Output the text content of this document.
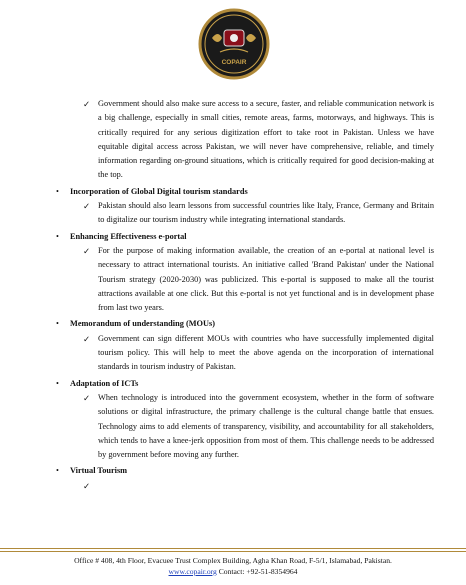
COPAIR
✓ Government should also make sure access to a secure, faster, and reliable communication network is a big challenge, especially in small cities, remote areas, farms, motorways, and highways. This is critically required for any serious digitization effort to take root in Pakistan. Unless we have equitable digital access across Pakistan, we will never have comprehensive, reliable, and timely information regarding on-ground situations, which is critically required for good decision-making at the top.
• Incorporation of Global Digital tourism standards
✓ Pakistan should also learn lessons from successful countries like Italy, France, Germany and Britain to digitalize our tourism industry while integrating international standards.
• Enhancing Effectiveness e-portal
✓ For the purpose of making information available, the creation of an e-portal at national level is necessary to attract international tourists. An initiative called 'Brand Pakistan' under the National Tourism strategy (2020-2030) was publicized. This e-portal is supposed to make all the tourist attractions available at one click. But this e-portal is not yet functional and is in development phase from last two years.
• Memorandum of understanding (MOUs)
✓ Government can sign different MOUs with countries who have successfully implemented digital tourism policy. This will help to meet the above agenda on the incorporation of international standards in tourism industry of Pakistan.
• Adaptation of ICTs
✓ When technology is introduced into the government ecosystem, whether in the form of software solutions or digital infrastructure, the primary challenge is the cultural change battle that ensues. Technology aims to add elements of transparency, visibility, and accountability for all stakeholders, which tends to have a knee-jerk opposition from most of them. This challenge needs to be addressed by government before moving any further.
• Virtual Tourism
✓
Office # 408, 4th Floor, Evacuee Trust Complex Building, Agha Khan Road, F-5/1, Islamabad, Pakistan.
www.copair.org Contact: +92-51-8354964
